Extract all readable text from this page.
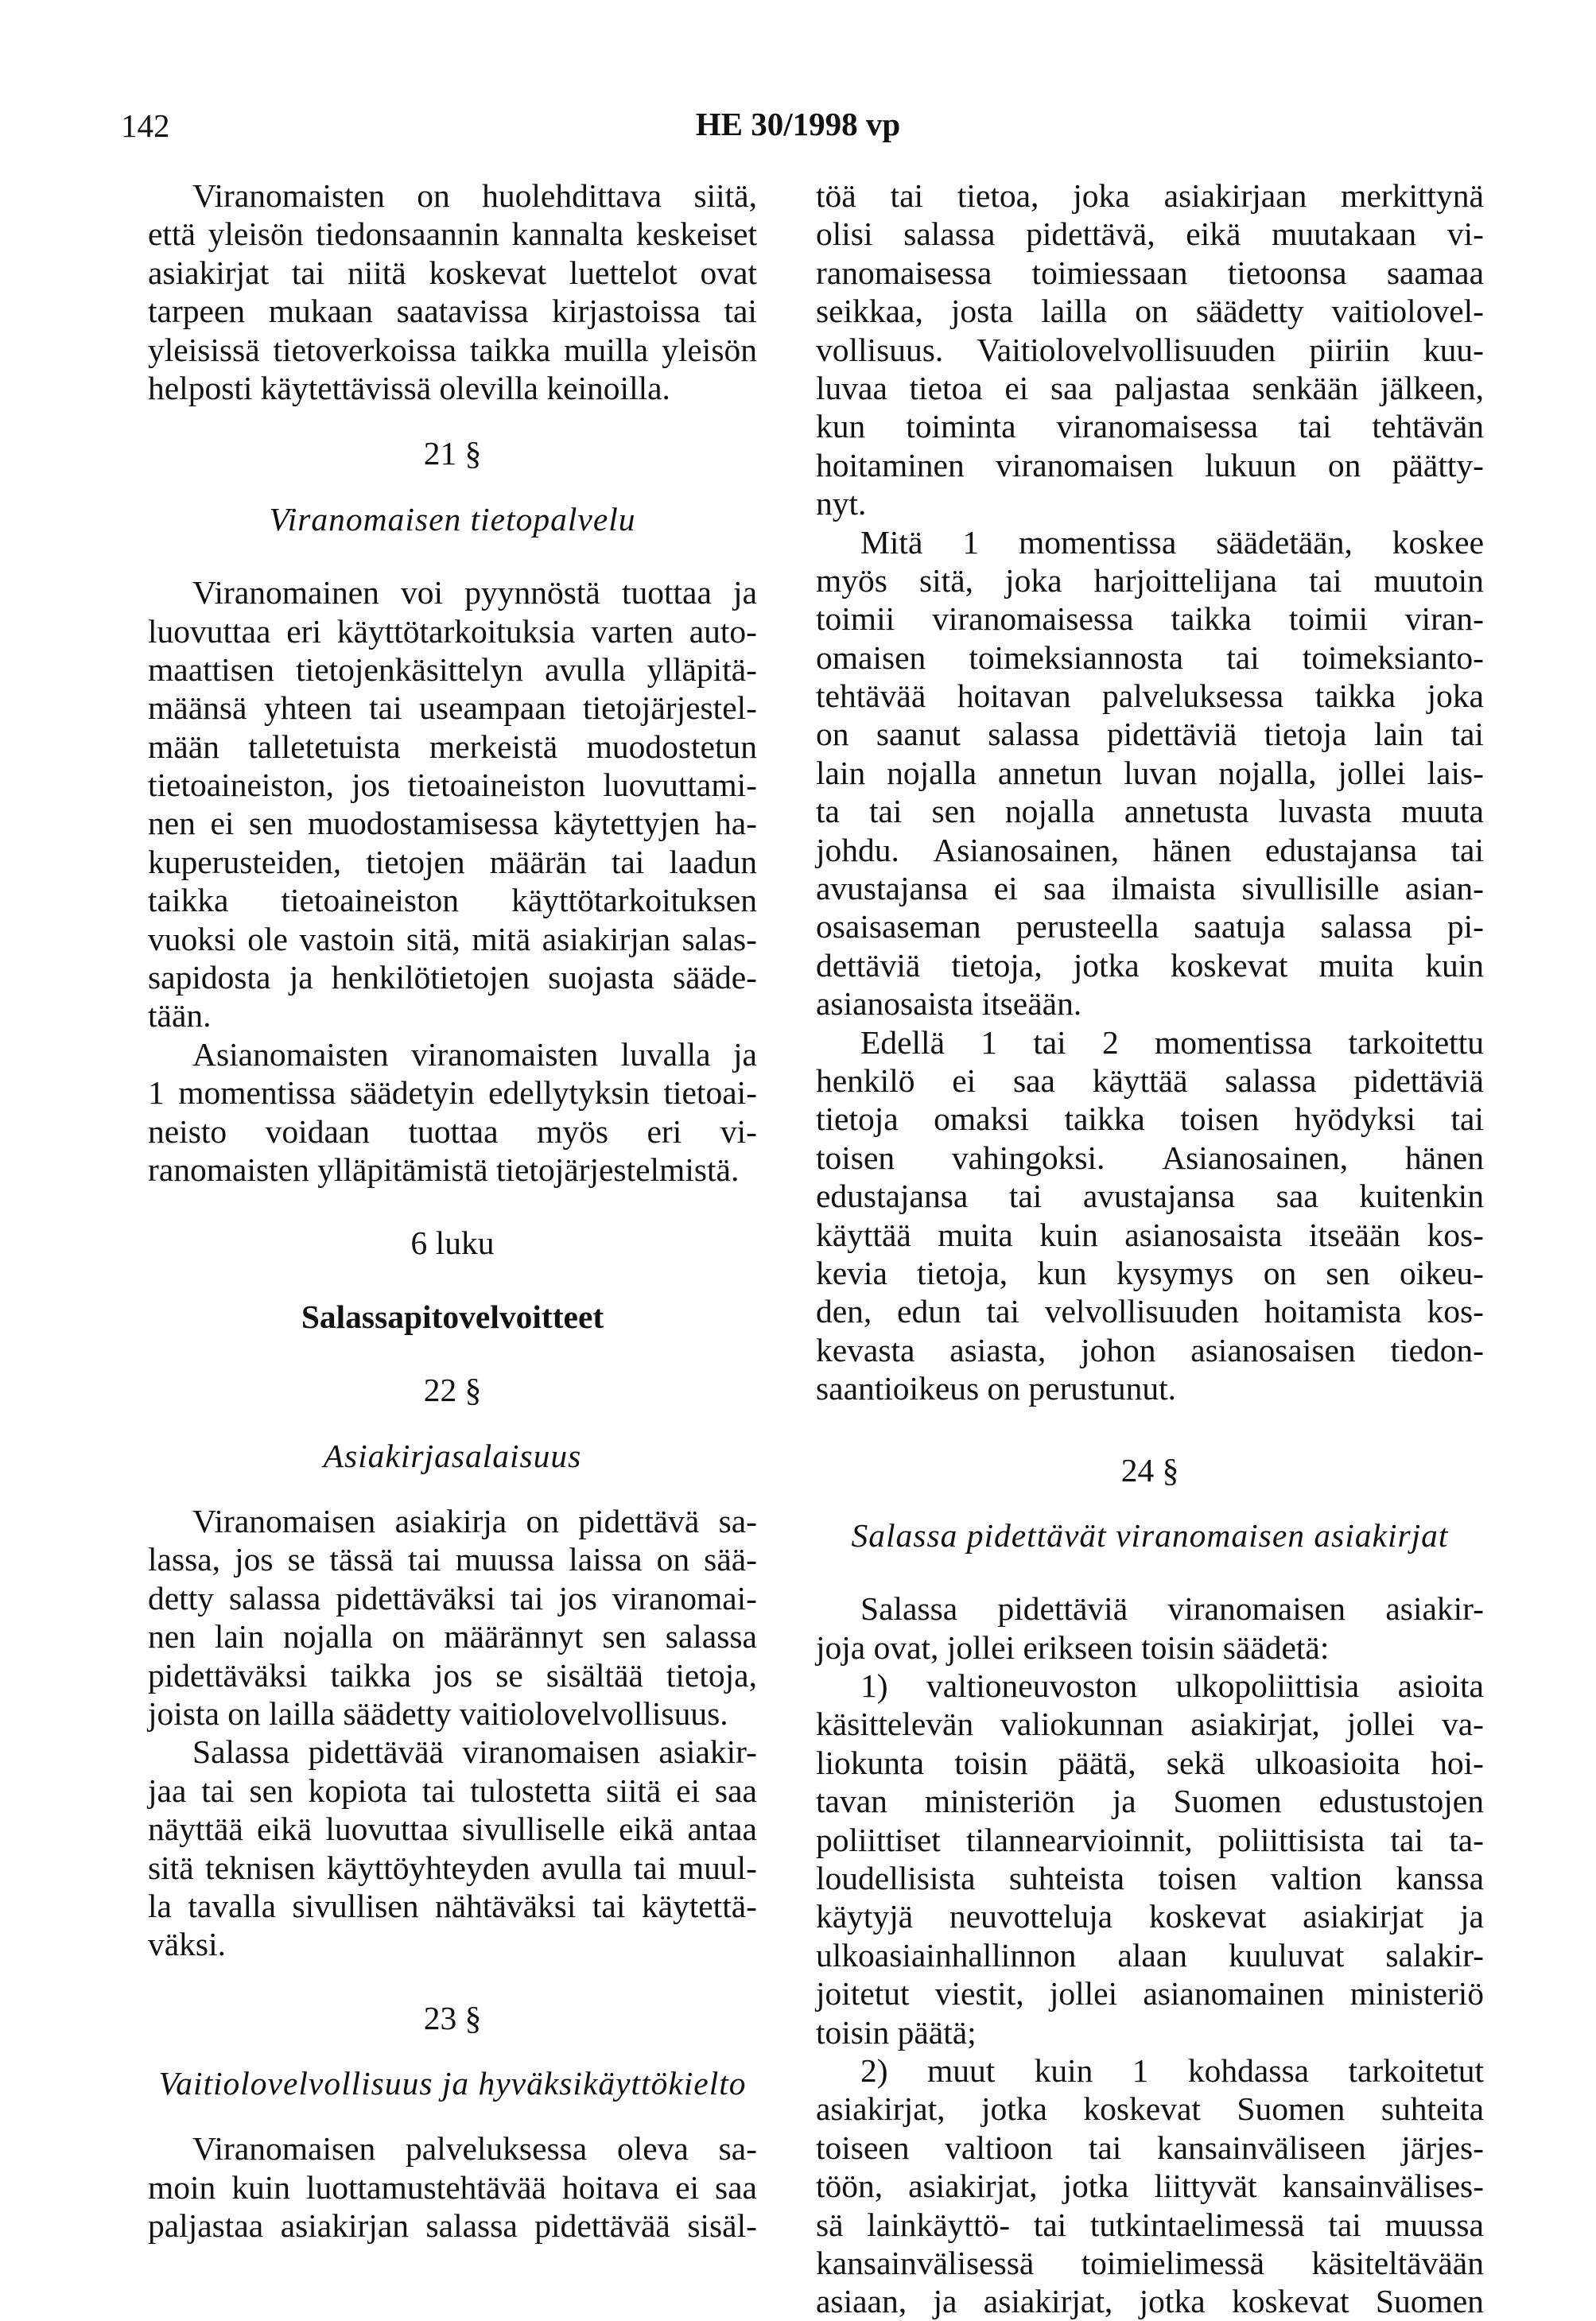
142	HE 30/1998 vp
Viranomaisten on huolehdittava siitä,
että yleisön tiedonsaannin kannalta keskeiset
asiakirjat tai niitä koskevat luettelot ovat
tarpeen mukaan saatavissa kirjastoissa tai
yleisissä tietoverkoissa taikka muilla yleisön
helposti käytettävissä olevilla keinoilla.
21 §
Viranomaisen tietopalvelu
Viranomainen voi pyynnöstä tuottaa ja
luovuttaa eri käyttötarkoituksia varten auto-
maattisen tietojenkäsittelyn avulla ylläpitä-
määnsä yhteen tai useampaan tietojärjestel-
mään talletetuista merkeistä muodostetun
tietoaineiston, jos tietoaineiston luovuttami-
nen ei sen muodostamisessa käytettyjen ha-
kuperusteiden, tietojen määrän tai laadun
taikka tietoaineiston käyttötarkoituksen
vuoksi ole vastoin sitä, mitä asiakirjan salas-
sapidosta ja henkilötietojen suojasta sääde-
tään.
Asianomaisten viranomaisten luvalla ja
1 momentissa säädetyin edellytyksin tietoai-
neisto voidaan tuottaa myös eri vi-
ranomaisten ylläpitämistä tietojärjestelmistä.
6 luku
Salassapitovelvoitteet
22 §
Asiakirjasalaisuus
Viranomaisen asiakirja on pidettävä sa-
lassa, jos se tässä tai muussa laissa on sää-
detty salassa pidettäväksi tai jos viranomai-
nen lain nojalla on määrännyt sen salassa
pidettäväksi taikka jos se sisältää tietoja,
joista on lailla säädetty vaitiolovelvollisuus.
Salassa pidettävää viranomaisen asiakir-
jaa tai sen kopiota tai tulostetta siitä ei saa
näyttää eikä luovuttaa sivulliselle eikä antaa
sitä teknisen käyttöyhteyden avulla tai muul-
la tavalla sivullisen nähtäväksi tai käytettä-
väksi.
23 §
Vaitiolovelvollisuus ja hyväksikäyttökielto
Viranomaisen palveluksessa oleva sa-
moin kuin luottamustehtävää hoitava ei saa
paljastaa asiakirjan salassa pidettävää sisäl-
töä tai tietoa, joka asiakirjaan merkittynä
olisi salassa pidettävä, eikä muutakaan vi-
ranomaisessa toimiessaan tietoonsa saamaa
seikkaa, josta lailla on säädetty vaitiolovel-
vollisuus. Vaitiolovelvollisuuden piiriin kuu-
luvaa tietoa ei saa paljastaa senkään jälkeen,
kun toiminta viranomaisessa tai tehtävän
hoitaminen viranomaisen lukuun on päätty-
nyt.
Mitä 1 momentissa säädetään, koskee
myös sitä, joka harjoittelijana tai muutoin
toimii viranomaisessa taikka toimii viran-
omaisen toimeksiannosta tai toimeksianto-
tehtävää hoitavan palveluksessa taikka joka
on saanut salassa pidettäviä tietoja lain tai
lain nojalla annetun luvan nojalla, jollei lais-
ta tai sen nojalla annetusta luvasta muuta
johdu. Asianosainen, hänen edustajansa tai
avustajansa ei saa ilmaista sivullisille asian-
osaisaseman perusteella saatuja salassa pi-
dettäviä tietoja, jotka koskevat muita kuin
asianosaista itseään.
Edellä 1 tai 2 momentissa tarkoitettu
henkilö ei saa käyttää salassa pidettäviä
tietoja omaksi taikka toisen hyödyksi tai
toisen vahingoksi. Asianosainen, hänen
edustajansa tai avustajansa saa kuitenkin
käyttää muita kuin asianosaista itseään kos-
kevia tietoja, kun kysymys on sen oikeu-
den, edun tai velvollisuuden hoitamista kos-
kevasta asiasta, johon asianosaisen tiedon-
saantioikeus on perustunut.
24 §
Salassa pidettävät viranomaisen asiakirjat
Salassa pidettäviä viranomaisen asiakir-
joja ovat, jollei erikseen toisin säädetä:
1) valtioneuvoston ulkopoliittisia asioita
käsittelevän valiokunnan asiakirjat, jollei va-
liokunta toisin päätä, sekä ulkoasioita hoi-
tavan ministeriön ja Suomen edustustojen
poliittiset tilannearvioinnit, poliittisista tai ta-
loudellisista suhteista toisen valtion kanssa
käytyjä neuvotteluja koskevat asiakirjat ja
ulkoasiainhallinnon alaan kuuluvat salakir-
joitetut viestit, jollei asianomainen ministeriö
toisin päätä;
2) muut kuin 1 kohdassa tarkoitetut
asiakirjat, jotka koskevat Suomen suhteita
toiseen valtioon tai kansainväliseen järjes-
töön, asiakirjat, jotka liittyvät kansainvälises-
sä lainkäyttö- tai tutkintaelimessä tai muussa
kansainvälisessä toimielimessä käsiteltävään
asiaan, ja asiakirjat, jotka koskevat Suomen
